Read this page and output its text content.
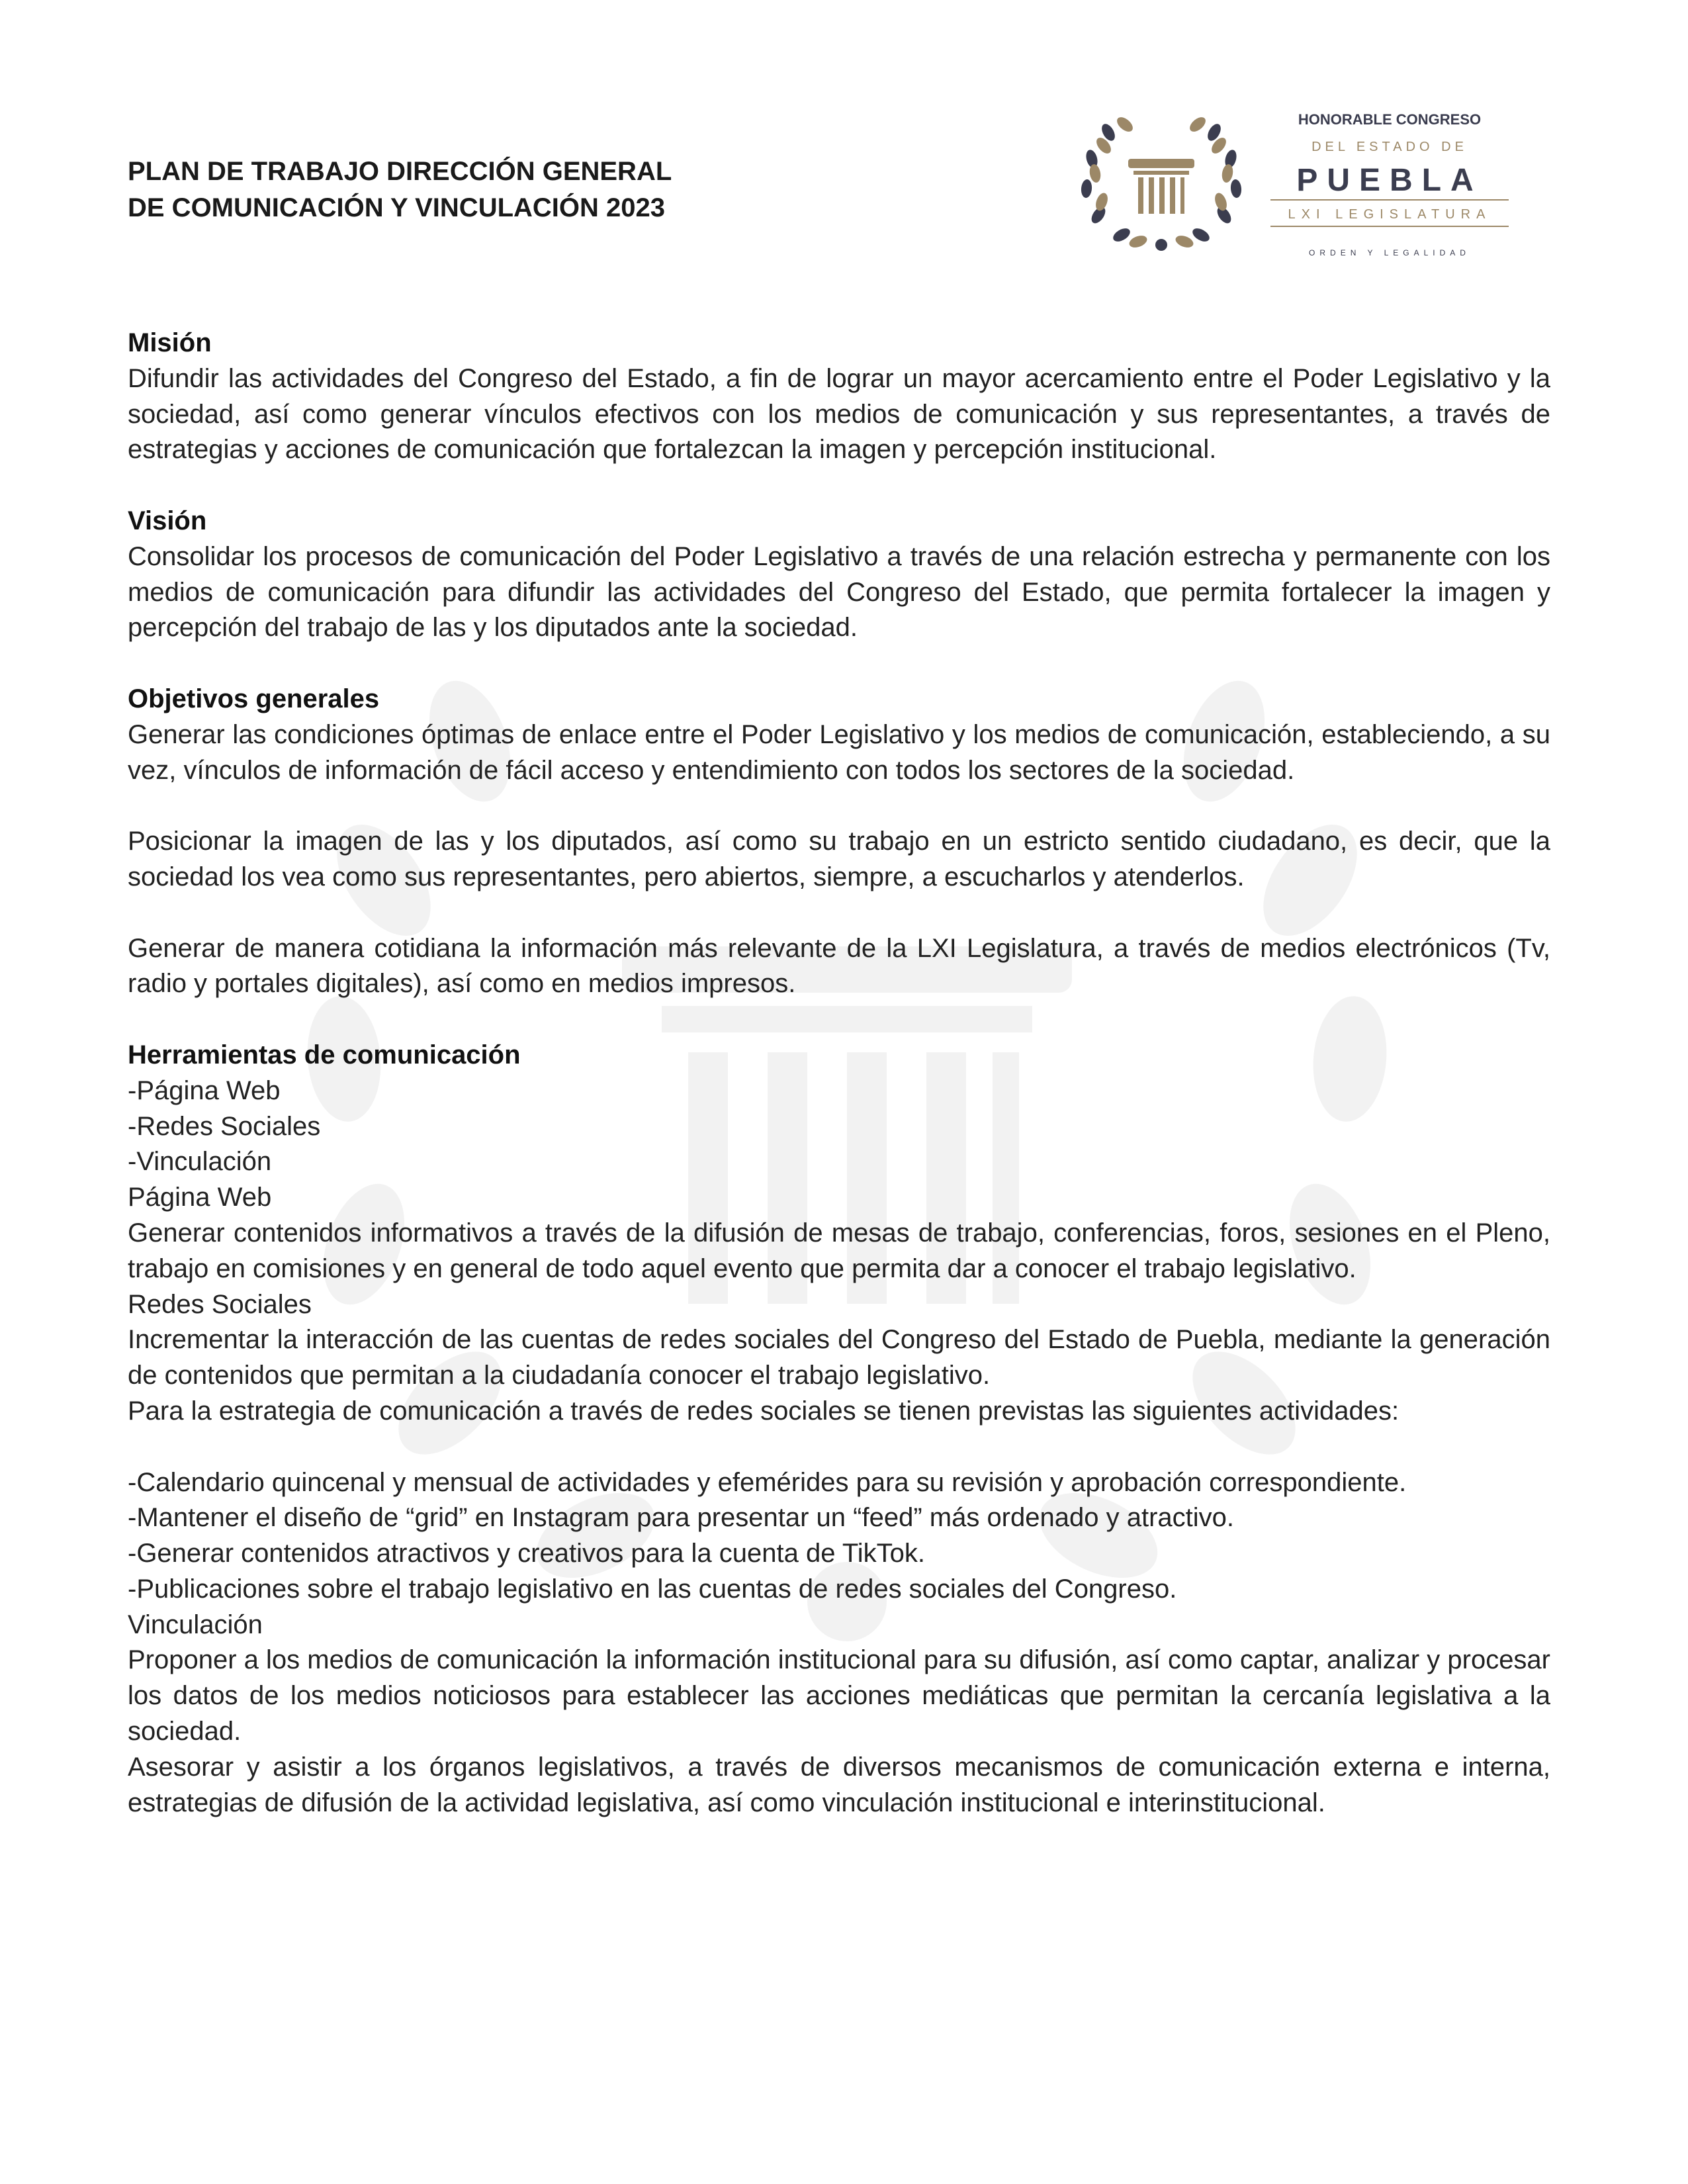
PLAN DE TRABAJO DIRECCIÓN GENERAL
DE COMUNICACIÓN Y VINCULACIÓN 2023
HONORABLE CONGRESO
DEL ESTADO DE
PUEBLA
LXI LEGISLATURA
ORDEN Y LEGALIDAD
Misión

Difundir las actividades del Congreso del Estado, a fin de lograr un mayor acercamiento entre el Poder Legislativo y la sociedad, así como generar vínculos efectivos con los medios de comunicación y sus representantes, a través de estrategias y acciones de comunicación que fortalezcan la imagen y percepción institucional.

Visión

Consolidar los procesos de comunicación del Poder Legislativo a través de una relación estrecha y permanente con los medios de comunicación para difundir las actividades del Congreso del Estado, que permita fortalecer la imagen y percepción del trabajo de las y los diputados ante la sociedad.

Objetivos generales

Generar las condiciones óptimas de enlace entre el Poder Legislativo y los medios de comunicación, estableciendo, a su vez, vínculos de información de fácil acceso y entendimiento con todos los sectores de la sociedad.

Posicionar la imagen de las y los diputados, así como su trabajo en un estricto sentido ciudadano, es decir, que la sociedad los vea como sus representantes, pero abiertos, siempre, a escucharlos y atenderlos.

Generar de manera cotidiana la información más relevante de la LXI Legislatura, a través de medios electrónicos (Tv, radio y portales digitales), así como en medios impresos.

Herramientas de comunicación

-Página Web

-Redes Sociales

-Vinculación

Página Web

Generar contenidos informativos a través de la difusión de mesas de trabajo, conferencias, foros, sesiones en el Pleno, trabajo en comisiones y en general de todo aquel evento que permita dar a conocer el trabajo legislativo.

Redes Sociales

Incrementar la interacción de las cuentas de redes sociales del Congreso del Estado de Puebla, mediante la generación de contenidos que permitan a la ciudadanía conocer el trabajo legislativo.

Para la estrategia de comunicación a través de redes sociales se tienen previstas las siguientes actividades:

-Calendario quincenal y mensual de actividades y efemérides para su revisión y aprobación correspondiente.

-Mantener el diseño de “grid” en Instagram para presentar un “feed” más ordenado y atractivo.

-Generar contenidos atractivos y creativos para la cuenta de TikTok.

-Publicaciones sobre el trabajo legislativo en las cuentas de redes sociales del Congreso.

Vinculación

Proponer a los medios de comunicación la información institucional para su difusión, así como captar, analizar y procesar los datos de los medios noticiosos para establecer las acciones mediáticas que permitan la cercanía legislativa a la sociedad.

Asesorar y asistir a los órganos legislativos, a través de diversos mecanismos de comunicación externa e interna, estrategias de difusión de la actividad legislativa, así como vinculación institucional e interinstitucional.
